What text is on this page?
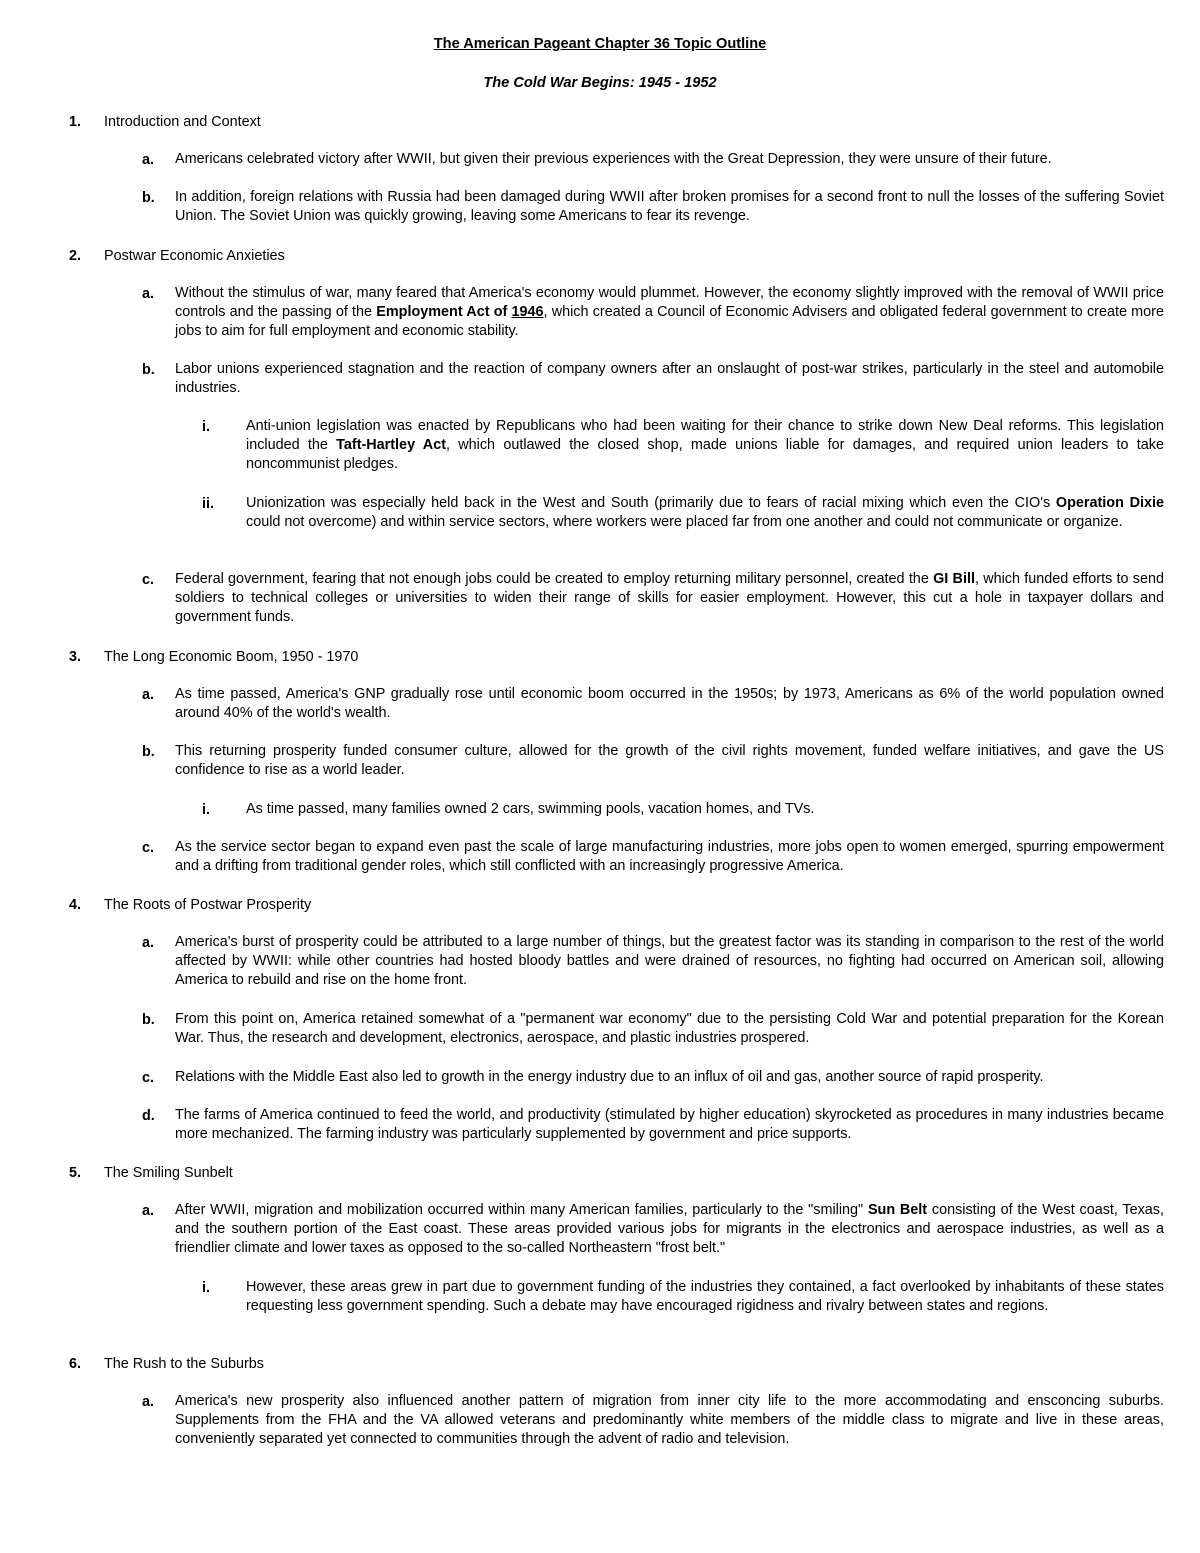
The American Pageant Chapter 36 Topic Outline
The Cold War Begins: 1945 - 1952
1. Introduction and Context
a. Americans celebrated victory after WWII, but given their previous experiences with the Great Depression, they were unsure of their future.
b. In addition, foreign relations with Russia had been damaged during WWII after broken promises for a second front to null the losses of the suffering Soviet Union. The Soviet Union was quickly growing, leaving some Americans to fear its revenge.
2. Postwar Economic Anxieties
a. Without the stimulus of war, many feared that America's economy would plummet. However, the economy slightly improved with the removal of WWII price controls and the passing of the Employment Act of 1946, which created a Council of Economic Advisers and obligated federal government to create more jobs to aim for full employment and economic stability.
b. Labor unions experienced stagnation and the reaction of company owners after an onslaught of post-war strikes, particularly in the steel and automobile industries.
i.	Anti-union legislation was enacted by Republicans who had been waiting for their chance to strike down New Deal reforms. This legislation included the Taft-Hartley Act, which outlawed the closed shop, made unions liable for damages, and required union leaders to take noncommunist pledges.
ii. Unionization was especially held back in the West and South (primarily due to fears of racial mixing which even the CIO's Operation Dixie could not overcome) and within service sectors, where workers were placed far from one another and could not communicate or organize.
c. Federal government, fearing that not enough jobs could be created to employ returning military personnel, created the GI Bill, which funded efforts to send soldiers to technical colleges or universities to widen their range of skills for easier employment. However, this cut a hole in taxpayer dollars and government funds.
3. The Long Economic Boom, 1950 - 1970
a. As time passed, America's GNP gradually rose until economic boom occurred in the 1950s; by 1973, Americans as 6% of the world population owned around 40% of the world's wealth.
b. This returning prosperity funded consumer culture, allowed for the growth of the civil rights movement, funded welfare initiatives, and gave the US confidence to rise as a world leader.
i.	As time passed, many families owned 2 cars, swimming pools, vacation homes, and TVs.
c. As the service sector began to expand even past the scale of large manufacturing industries, more jobs open to women emerged, spurring empowerment and a drifting from traditional gender roles, which still conflicted with an increasingly progressive America.
4. The Roots of Postwar Prosperity
a. America's burst of prosperity could be attributed to a large number of things, but the greatest factor was its standing in comparison to the rest of the world affected by WWII: while other countries had hosted bloody battles and were drained of resources, no fighting had occurred on American soil, allowing America to rebuild and rise on the home front.
b. From this point on, America retained somewhat of a "permanent war economy" due to the persisting Cold War and potential preparation for the Korean War. Thus, the research and development, electronics, aerospace, and plastic industries prospered.
c. Relations with the Middle East also led to growth in the energy industry due to an influx of oil and gas, another source of rapid prosperity.
d. The farms of America continued to feed the world, and productivity (stimulated by higher education) skyrocketed as procedures in many industries became more mechanized. The farming industry was particularly supplemented by government and price supports.
5. The Smiling Sunbelt
a. After WWII, migration and mobilization occurred within many American families, particularly to the "smiling" Sun Belt consisting of the West coast, Texas, and the southern portion of the East coast. These areas provided various jobs for migrants in the electronics and aerospace industries, as well as a friendlier climate and lower taxes as opposed to the so-called Northeastern "frost belt."
i.	However, these areas grew in part due to government funding of the industries they contained, a fact overlooked by inhabitants of these states requesting less government spending. Such a debate may have encouraged rigidness and rivalry between states and regions.
6. The Rush to the Suburbs
a. America's new prosperity also influenced another pattern of migration from inner city life to the more accommodating and ensconcing suburbs. Supplements from the FHA and the VA allowed veterans and predominantly white members of the middle class to migrate and live in these areas, conveniently separated yet connected to communities through the advent of radio and television.
